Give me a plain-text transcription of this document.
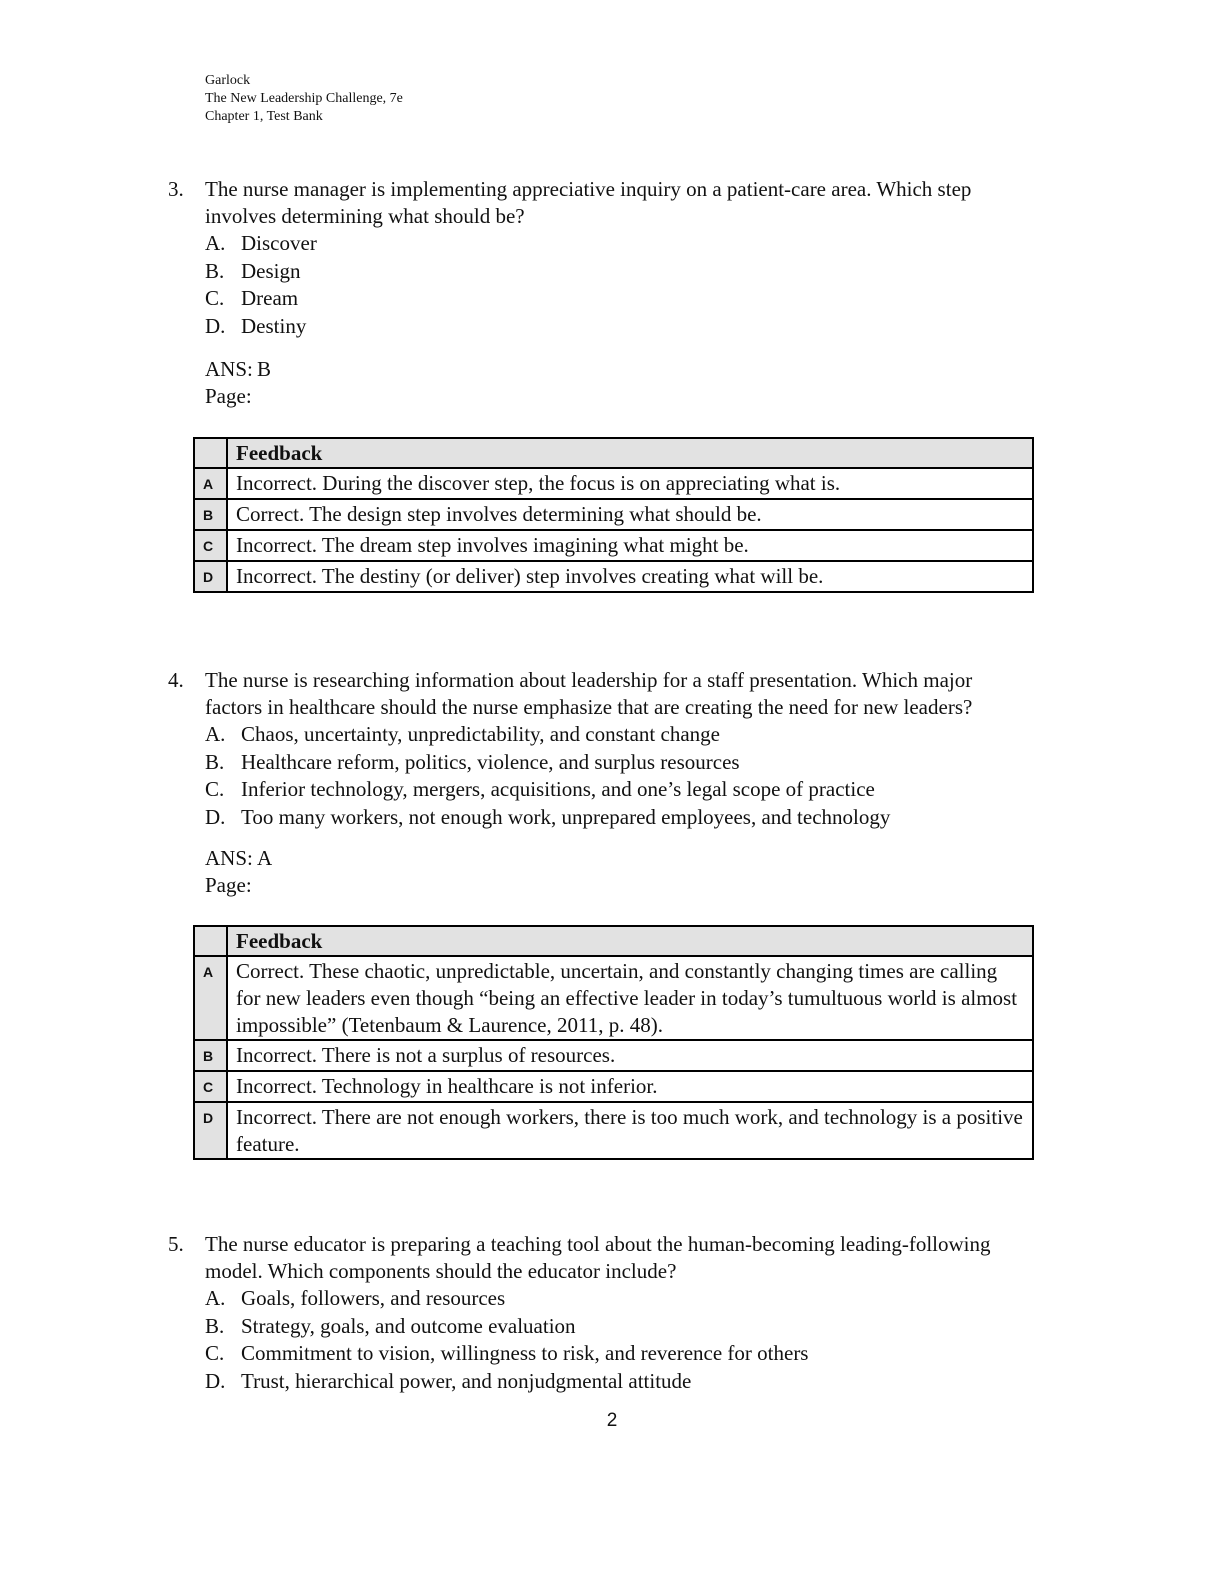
Garlock
The New Leadership Challenge, 7e
Chapter 1, Test Bank
3. The nurse manager is implementing appreciative inquiry on a patient-care area. Which step
involves determining what should be?
A. Discover
B. Design
C. Dream
D. Destiny
ANS: B
Page:
	Feedback
A	Incorrect. During the discover step, the focus is on appreciating what is.
B	Correct. The design step involves determining what should be.
C	Incorrect. The dream step involves imagining what might be.
D	Incorrect. The destiny (or deliver) step involves creating what will be.
4. The nurse is researching information about leadership for a staff presentation. Which major
factors in healthcare should the nurse emphasize that are creating the need for new leaders?
A. Chaos, uncertainty, unpredictability, and constant change
B. Healthcare reform, politics, violence, and surplus resources
C. Inferior technology, mergers, acquisitions, and one’s legal scope of practice
D. Too many workers, not enough work, unprepared employees, and technology
ANS: A
Page:
	Feedback
A	Correct. These chaotic, unpredictable, uncertain, and constantly changing times are calling for new leaders even though “being an effective leader in today’s tumultuous world is almost impossible” (Tetenbaum & Laurence, 2011, p. 48).
B	Incorrect. There is not a surplus of resources.
C	Incorrect. Technology in healthcare is not inferior.
D	Incorrect. There are not enough workers, there is too much work, and technology is a positive feature.
5. The nurse educator is preparing a teaching tool about the human-becoming leading-following
model. Which components should the educator include?
A. Goals, followers, and resources
B. Strategy, goals, and outcome evaluation
C. Commitment to vision, willingness to risk, and reverence for others
D. Trust, hierarchical power, and nonjudgmental attitude
2
